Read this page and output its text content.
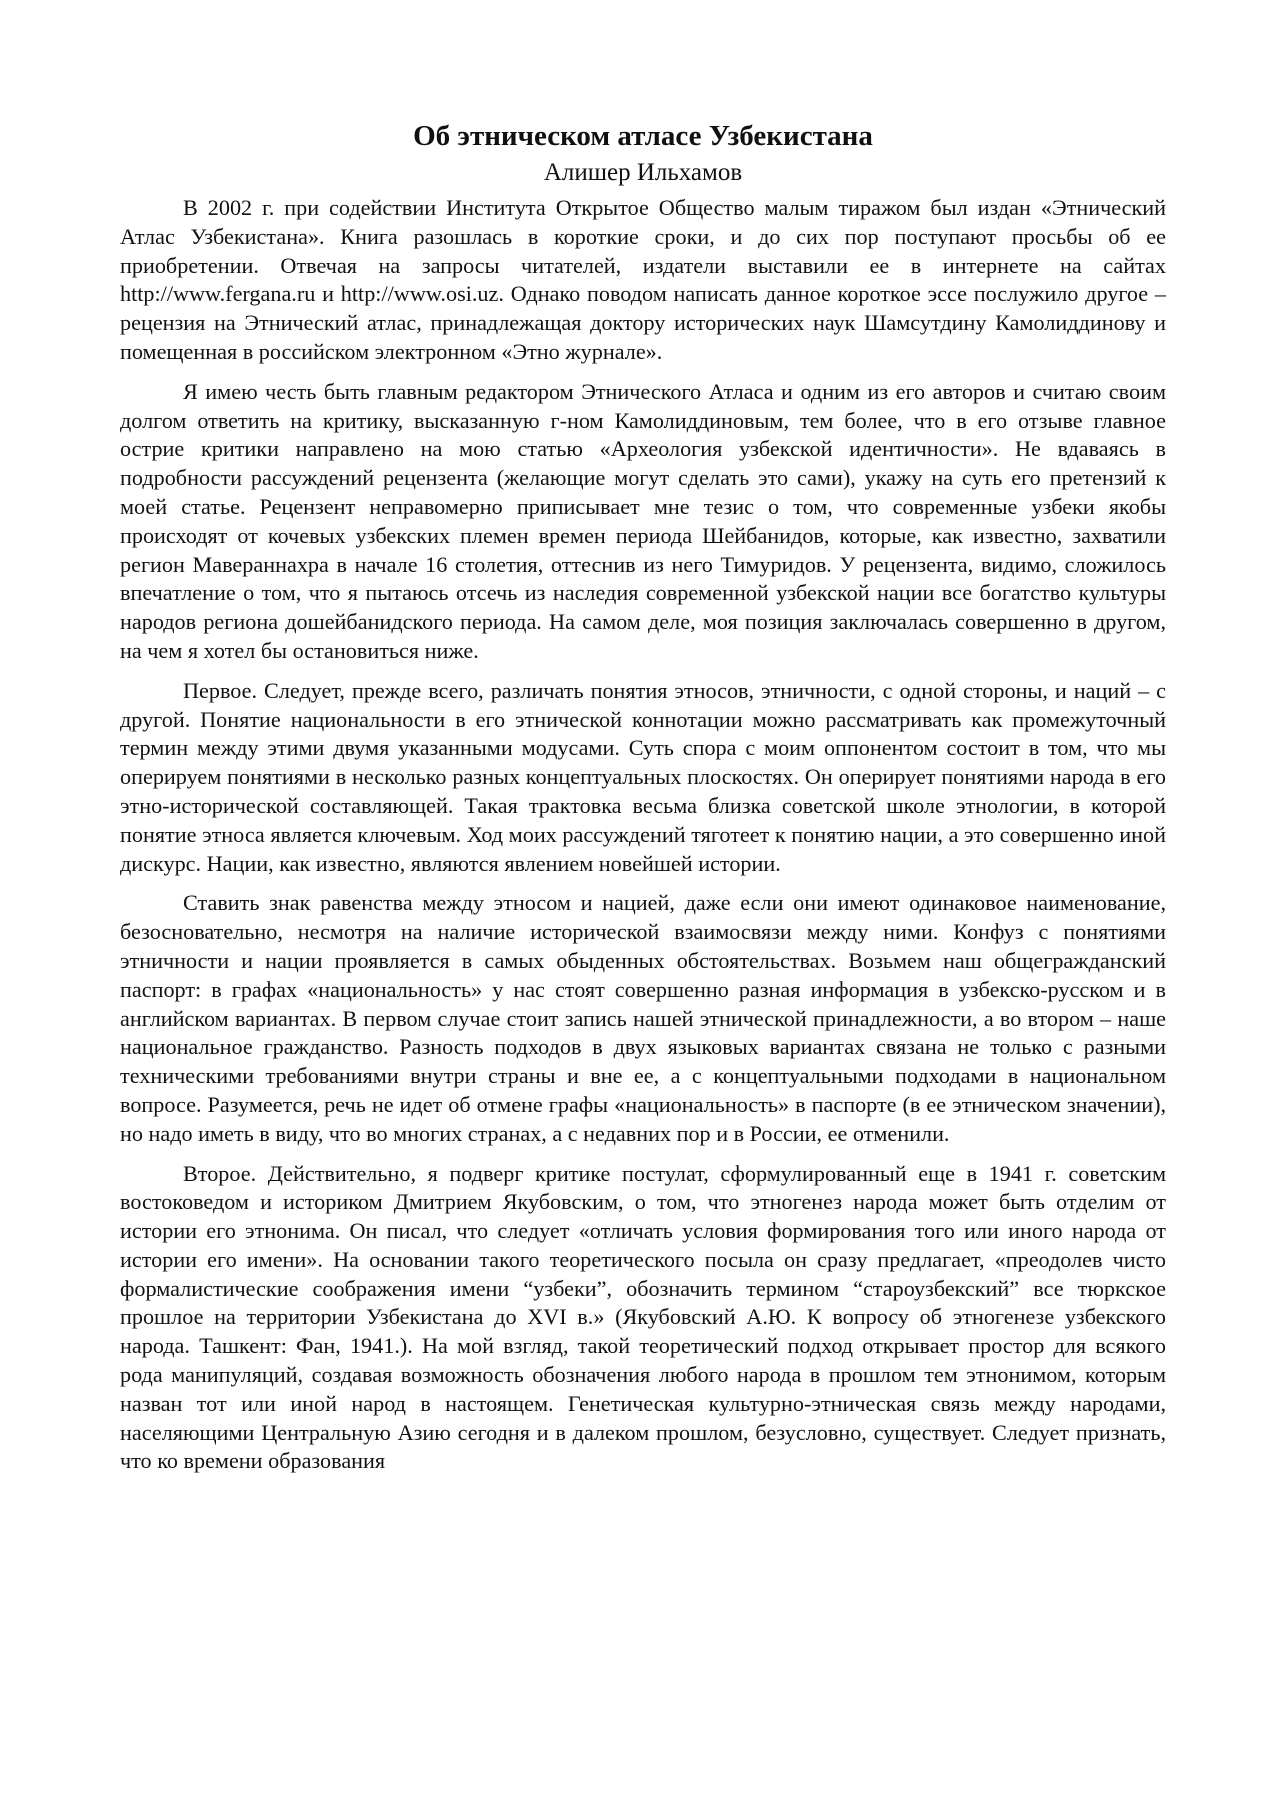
Об этническом атласе Узбекистана
Алишер Ильхамов

В 2002 г. при содействии Института Открытое Общество малым тиражом был издан «Этнический Атлас Узбекистана». Книга разошлась в короткие сроки, и до сих пор поступают просьбы об ее приобретении. Отвечая на запросы читателей, издатели выставили ее в интернете на сайтах http://www.fergana.ru и http://www.osi.uz. Однако поводом написать данное короткое эссе послужило другое – рецензия на Этнический атлас, принадлежащая доктору исторических наук Шамсутдину Камолиддинову и помещенная в российском электронном «Этно журнале».

Я имею честь быть главным редактором Этнического Атласа и одним из его авторов и считаю своим долгом ответить на критику, высказанную г-ном Камолиддиновым, тем более, что в его отзыве главное острие критики направлено на мою статью «Археология узбекской идентичности». Не вдаваясь в подробности рассуждений рецензента (желающие могут сделать это сами), укажу на суть его претензий к моей статье. Рецензент неправомерно приписывает мне тезис о том, что современные узбеки якобы происходят от кочевых узбекских племен времен периода Шейбанидов, которые, как известно, захватили регион Мавераннахра в начале 16 столетия, оттеснив из него Тимуридов. У рецензента, видимо, сложилось впечатление о том, что я пытаюсь отсечь из наследия современной узбекской нации все богатство культуры народов региона дошейбанидского периода. На самом деле, моя позиция заключалась совершенно в другом, на чем я хотел бы остановиться ниже.

Первое. Следует, прежде всего, различать понятия этносов, этничности, с одной стороны, и наций – с другой. Понятие национальности в его этнической коннотации можно рассматривать как промежуточный термин между этими двумя указанными модусами. Суть спора с моим оппонентом состоит в том, что мы оперируем понятиями в несколько разных концептуальных плоскостях. Он оперирует понятиями народа в его этно-исторической составляющей. Такая трактовка весьма близка советской школе этнологии, в которой понятие этноса является ключевым. Ход моих рассуждений тяготеет к понятию нации, а это совершенно иной дискурс. Нации, как известно, являются явлением новейшей истории.

Ставить знак равенства между этносом и нацией, даже если они имеют одинаковое наименование, безосновательно, несмотря на наличие исторической взаимосвязи между ними. Конфуз с понятиями этничности и нации проявляется в самых обыденных обстоятельствах. Возьмем наш общегражданский паспорт: в графах «национальность» у нас стоят совершенно разная информация в узбекско-русском и в английском вариантах. В первом случае стоит запись нашей этнической принадлежности, а во втором – наше национальное гражданство. Разность подходов в двух языковых вариантах связана не только с разными техническими требованиями внутри страны и вне ее, а с концептуальными подходами в национальном вопросе. Разумеется, речь не идет об отмене графы «национальность» в паспорте (в ее этническом значении), но надо иметь в виду, что во многих странах, а с недавних пор и в России, ее отменили.

Второе. Действительно, я подверг критике постулат, сформулированный еще в 1941 г. советским востоковедом и историком Дмитрием Якубовским, о том, что этногенез народа может быть отделим от истории его этнонима. Он писал, что следует «отличать условия формирования того или иного народа от истории его имени». На основании такого теоретического посыла он сразу предлагает, «преодолев чисто формалистические соображения имени “узбеки”, обозначить термином “староузбекский” все тюркское прошлое на территории Узбекистана до XVI в.» (Якубовский А.Ю. К вопросу об этногенезе узбекского народа. Ташкент: Фан, 1941.). На мой взгляд, такой теоретический подход открывает простор для всякого рода манипуляций, создавая возможность обозначения любого народа в прошлом тем этнонимом, которым назван тот или иной народ в настоящем. Генетическая культурно-этническая связь между народами, населяющими Центральную Азию сегодня и в далеком прошлом, безусловно, существует. Следует признать, что ко времени образования
